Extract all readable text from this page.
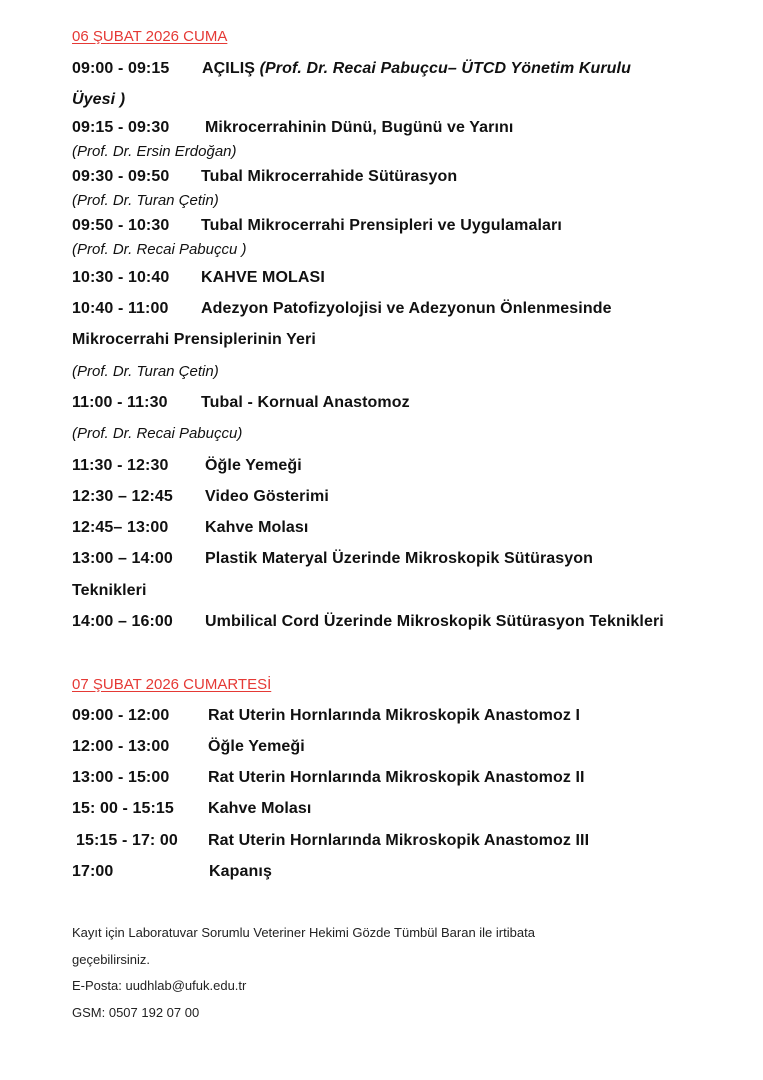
06 ŞUBAT 2026 CUMA
09:00 - 09:15 AÇILIŞ (Prof. Dr. Recai Pabuçcu– ÜTCD Yönetim Kurulu
Üyesi )
09:15 - 09:30 Mikrocerrahinin Dünü, Bugünü ve Yarını
(Prof. Dr. Ersin Erdoğan)
09:30 - 09:50 Tubal Mikrocerrahide Sütürasyon
(Prof. Dr. Turan Çetin)
09:50 - 10:30 Tubal Mikrocerrahi Prensipleri ve Uygulamaları
(Prof. Dr. Recai Pabuçcu )
10:30 - 10:40 KAHVE MOLASI
10:40 - 11:00 Adezyon Patofizyolojisi ve Adezyonun Önlenmesinde
Mikrocerrahi Prensiplerinin Yeri
(Prof. Dr. Turan Çetin)
11:00 - 11:30 Tubal - Kornual Anastomoz
(Prof. Dr. Recai Pabuçcu)
11:30 - 12:30 Öğle Yemeği
12:30 – 12:45 Video Gösterimi
12:45– 13:00 Kahve Molası
13:00 – 14:00 Plastik Materyal Üzerinde Mikroskopik Sütürasyon
Teknikleri
14:00 – 16:00 Umbilical Cord Üzerinde Mikroskopik Sütürasyon Teknikleri
07 ŞUBAT 2026 CUMARTESİ
09:00 - 12:00 Rat Uterin Hornlarında Mikroskopik Anastomoz I
12:00 - 13:00 Öğle Yemeği
13:00 - 15:00 Rat Uterin Hornlarında Mikroskopik Anastomoz II
15: 00 - 15:15 Kahve Molası
15:15 - 17: 00 Rat Uterin Hornlarında Mikroskopik Anastomoz III
17:00	Kapanış
Kayıt için Laboratuvar Sorumlu Veteriner Hekimi Gözde Tümbül Baran ile irtibata
geçebilirsiniz.
E-Posta: uudhlab@ufuk.edu.tr
GSM: 0507 192 07 00
